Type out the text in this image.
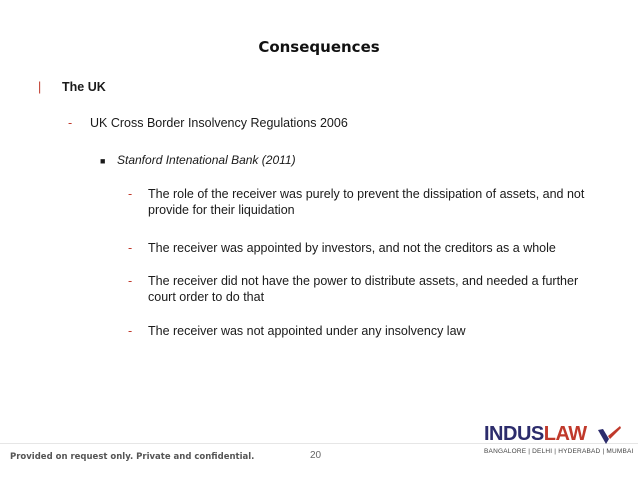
Consequences
| The UK
- UK Cross Border Insolvency Regulations 2006
■ Stanford Intenational Bank (2011)
-	The role of the receiver was purely to prevent the dissipation of assets, and not provide for their liquidation
-	The receiver was appointed by investors, and not the creditors as a whole
-	The receiver did not have the power to distribute assets, and needed a further court order to do that
-	The receiver was not appointed under any insolvency law
Provided on request only. Private and confidential.	20
INDUSLAW
BANGALORE | DELHI | HYDERABAD | MUMBAI
